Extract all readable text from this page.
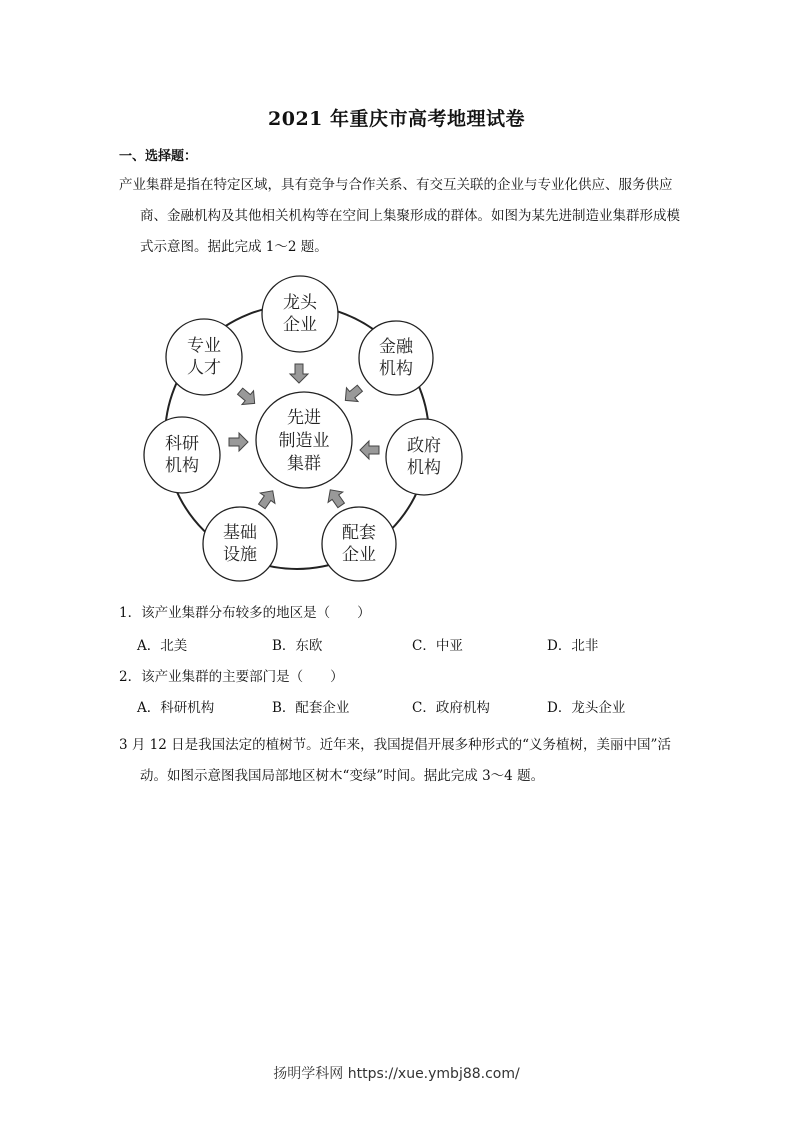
2021 年重庆市高考地理试卷
一、选择题：
产业集群是指在特定区域，具有竞争与合作关系、有交互关联的企业与专业化供应、服务供应商、金融机构及其他相关机构等在空间上集聚形成的群体。如图为某先进制造业集群形成模式示意图。据此完成 1～2 题。
先进
制造业
集群
龙头
企业
金融
机构
政府
机构
配套
企业
基础
设施
科研
机构
专业
人才
1．该产业集群分布较多的地区是（　　）
A．北美	B．东欧	C．中亚	D．北非
2．该产业集群的主要部门是（　　）
A．科研机构	B．配套企业	C．政府机构	D．龙头企业
3 月 12 日是我国法定的植树节。近年来，我国提倡开展多种形式的“义务植树，美丽中国”活动。如图示意图我国局部地区树木“变绿”时间。据此完成 3～4 题。
扬明学科网 https://xue.ymbj88.com/
